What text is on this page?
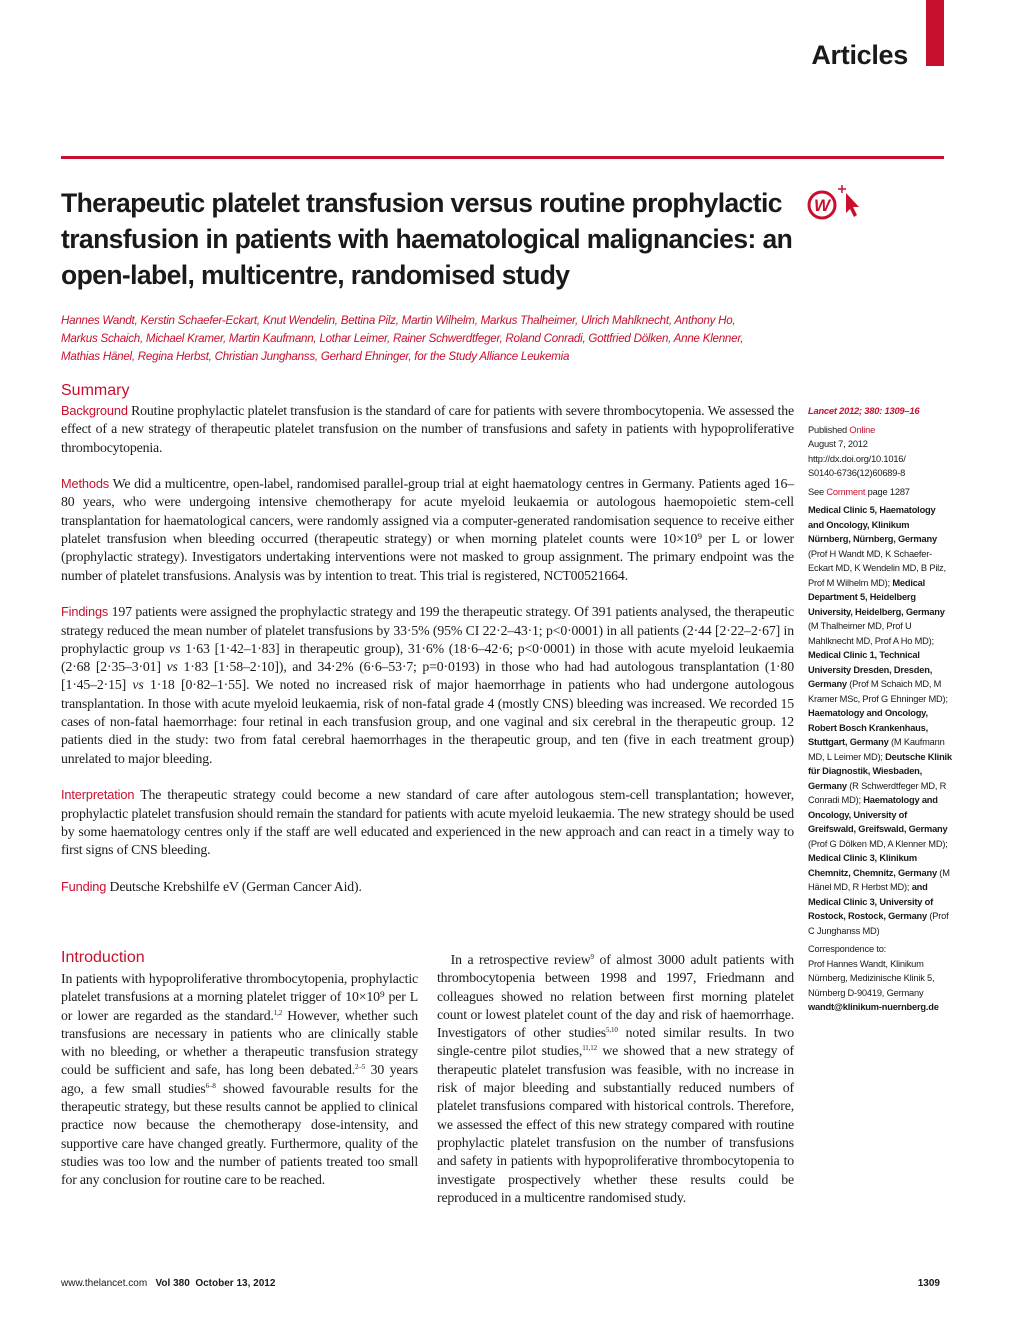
Articles
Therapeutic platelet transfusion versus routine prophylactic transfusion in patients with haematological malignancies: an open-label, multicentre, randomised study
W
Hannes Wandt, Kerstin Schaefer-Eckart, Knut Wendelin, Bettina Pilz, Martin Wilhelm, Markus Thalheimer, Ulrich Mahlknecht, Anthony Ho,
Markus Schaich, Michael Kramer, Martin Kaufmann, Lothar Leimer, Rainer Schwerdtfeger, Roland Conradi, Gottfried Dölken, Anne Klenner,
Mathias Hänel, Regina Herbst, Christian Junghanss, Gerhard Ehninger, for the Study Alliance Leukemia
Summary

Background Routine prophylactic platelet transfusion is the standard of care for patients with severe thrombocytopenia. We assessed the effect of a new strategy of therapeutic platelet transfusion on the number of transfusions and safety in patients with hypoproliferative thrombocytopenia.

Methods We did a multicentre, open-label, randomised parallel-group trial at eight haematology centres in Germany. Patients aged 16–80 years, who were undergoing intensive chemotherapy for acute myeloid leukaemia or autologous haemopoietic stem-cell transplantation for haematological cancers, were randomly assigned via a computer-generated randomisation sequence to receive either platelet transfusion when bleeding occurred (therapeutic strategy) or when morning platelet counts were 10×10⁹ per L or lower (prophylactic strategy). Investigators undertaking interventions were not masked to group assignment. The primary endpoint was the number of platelet transfusions. Analysis was by intention to treat. This trial is registered, NCT00521664.

Findings 197 patients were assigned the prophylactic strategy and 199 the therapeutic strategy. Of 391 patients analysed, the therapeutic strategy reduced the mean number of platelet transfusions by 33·5% (95% CI 22·2–43·1; p<0·0001) in all patients (2·44 [2·22–2·67] in prophylactic group vs 1·63 [1·42–1·83] in therapeutic group), 31·6% (18·6–42·6; p<0·0001) in those with acute myeloid leukaemia (2·68 [2·35–3·01] vs 1·83 [1·58–2·10]), and 34·2% (6·6–53·7; p=0·0193) in those who had had autologous transplantation (1·80 [1·45–2·15] vs 1·18 [0·82–1·55]. We noted no increased risk of major haemorrhage in patients who had undergone autologous transplantation. In those with acute myeloid leukaemia, risk of non-fatal grade 4 (mostly CNS) bleeding was increased. We recorded 15 cases of non-fatal haemorrhage: four retinal in each transfusion group, and one vaginal and six cerebral in the therapeutic group. 12 patients died in the study: two from fatal cerebral haemorrhages in the therapeutic group, and ten (five in each treatment group) unrelated to major bleeding.

Interpretation The therapeutic strategy could become a new standard of care after autologous stem-cell transplantation; however, prophylactic platelet transfusion should remain the standard for patients with acute myeloid leukaemia. The new strategy should be used by some haematology centres only if the staff are well educated and experienced in the new approach and can react in a timely way to first signs of CNS bleeding.

Funding Deutsche Krebshilfe eV (German Cancer Aid).

Introduction

In patients with hypoproliferative thrombocytopenia, prophylactic platelet transfusions at a morning platelet trigger of 10×10⁹ per L or lower are regarded as the standard.$^{1,2}$ However, whether such transfusions are necessary in patients who are clinically stable with no bleeding, or whether a therapeutic transfusion strategy could be sufficient and safe, has long been debated.$^{2-5}$ 30 years ago, a few small studies$^{6-8}$ showed favourable results for the therapeutic strategy, but these results cannot be applied to clinical practice now because the chemotherapy dose-intensity, and supportive care have changed greatly. Furthermore, quality of the studies was too low and the number of patients treated too small for any conclusion for routine care to be reached.

 In a retrospective review$^9$ of almost 3000 adult patients with thrombocytopenia between 1998 and 1997, Friedmann and colleagues showed no relation between first morning platelet count or lowest platelet count of the day and risk of haemorrhage. Investigators of other studies$^{5,10}$ noted similar results. In two single-centre pilot studies,$^{11,12}$ we showed that a new strategy of therapeutic platelet transfusion was feasible, with no increase in risk of major bleeding and substantially reduced numbers of platelet transfusions compared with historical controls. Therefore, we assessed the effect of this new strategy compared with routine prophylactic platelet transfusion on the number of transfusions and safety in patients with hypoproliferative thrombocytopenia to investigate prospectively whether these results could be reproduced in a multicentre randomised study.

Lancet 2012; 380: 1309–16
Published Online
August 7, 2012
http://dx.doi.org/10.1016/
S0140-6736(12)60689-8
See Comment page 1287
Medical Clinic 5, Haematology and Oncology, Klinikum Nürnberg, Nürnberg, Germany (Prof H Wandt MD, K Schaefer-Eckart MD, K Wendelin MD, B Pilz, Prof M Wilhelm MD); Medical Department 5, Heidelberg University, Heidelberg, Germany (M Thalheimer MD, Prof U Mahlknecht MD, Prof A Ho MD); Medical Clinic 1, Technical University Dresden, Dresden, Germany (Prof M Schaich MD, M Kramer MSc, Prof G Ehninger MD); Haematology and Oncology, Robert Bosch Krankenhaus, Stuttgart, Germany (M Kaufmann MD, L Leimer MD); Deutsche Klinik für Diagnostik, Wiesbaden, Germany (R Schwerdtfeger MD, R Conradi MD); Haematology and Oncology, University of Greifswald, Greifswald, Germany (Prof G Dölken MD, A Klenner MD); Medical Clinic 3, Klinikum Chemnitz, Chemnitz, Germany (M Hänel MD, R Herbst MD); and Medical Clinic 3, University of Rostock, Rostock, Germany (Prof C Junghanss MD)
Correspondence to:
Prof Hannes Wandt, Klinikum Nürnberg, Medizinische Klinik 5, Nürnberg D-90419, Germany
wandt@klinikum-nuernberg.de
www.thelancet.com Vol 380 October 13, 2012	1309
